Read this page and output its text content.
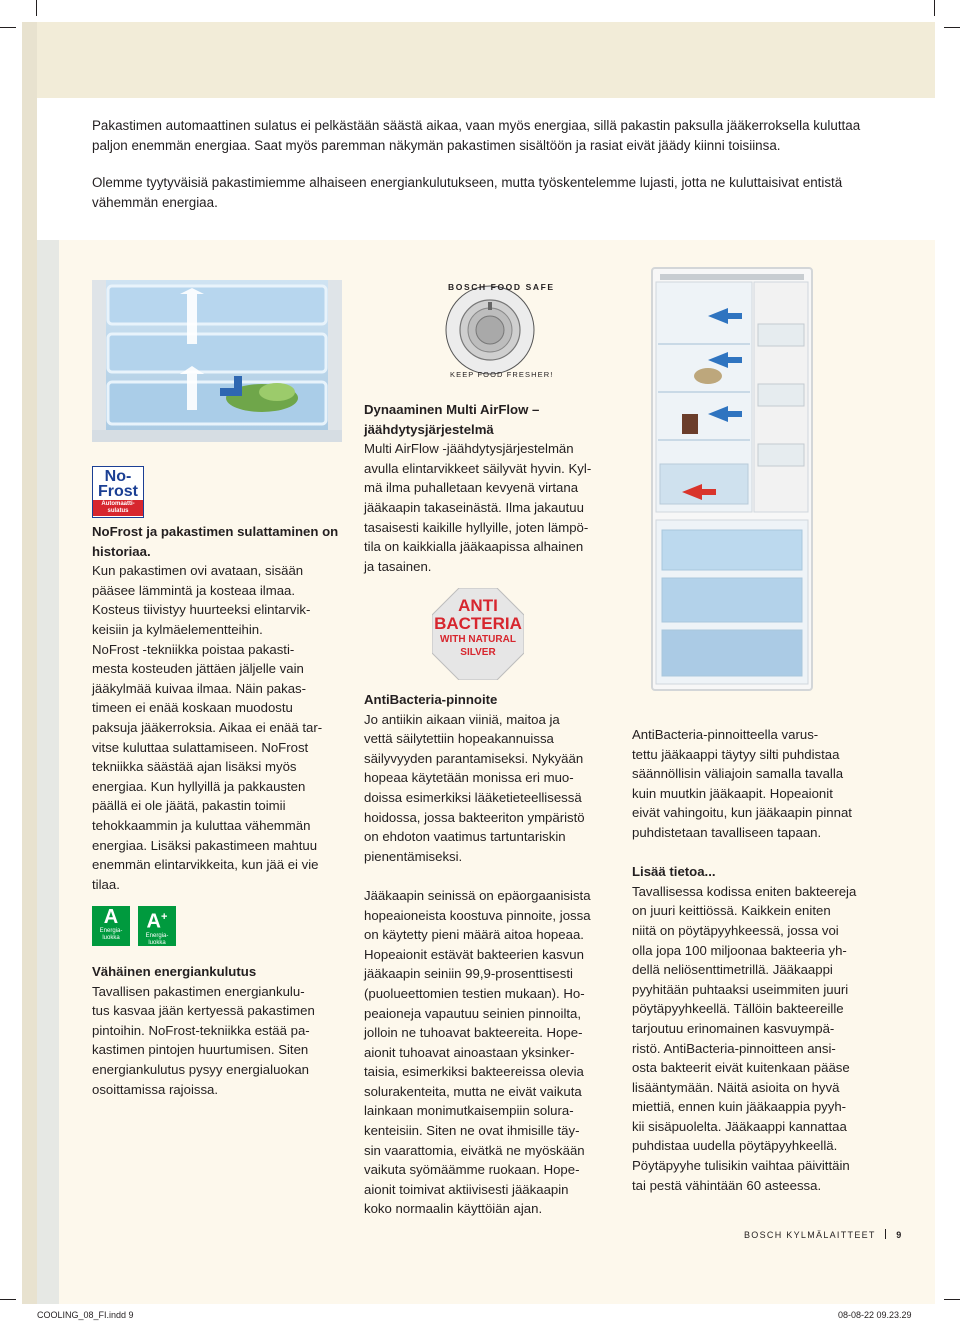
Pakastimen automaattinen sulatus ei pelkästään säästä aikaa, vaan myös energiaa, sillä pakastin paksulla jääkerroksella kuluttaa paljon enemmän energiaa. Saat myös paremman näkymän pakastimen sisältöön ja rasiat eivät jäädy kiinni toisiinsa.

Olemme tyytyväisiä pakastimiemme alhaiseen energiankulutukseen, mutta työskentelemme lujasti, jotta ne kuluttaisivat entistä vähemmän energiaa.

BOSCH FOOD SAFE
KEEP FOOD FRESHER!
No-
Frost
Automaatti-
sulatus
NoFrost ja pakastimen sulattaminen on historiaa.
Kun pakastimen ovi avataan, sisään
pääsee lämmintä ja kosteaa ilmaa.
Kosteus tiivistyy huurteeksi elintarvik-
keisiin ja kylmäelementteihin.
NoFrost -tekniikka poistaa pakasti-
mesta kosteuden jättäen jäljelle vain
jääkylmää kuivaa ilmaa. Näin pakas-
timeen ei enää koskaan muodostu
paksuja jääkerroksia. Aikaa ei enää tar-
vitse kuluttaa sulattamiseen. NoFrost
tekniikka säästää ajan lisäksi myös
energiaa. Kun hyllyillä ja pakkausten
päällä ei ole jäätä, pakastin toimii
tehokkaammin ja kuluttaa vähemmän
energiaa. Lisäksi pakastimeen mahtuu
enemmän elintarvikkeita, kun jää ei vie
tilaa.
A
Energia-
luokka
A+
Energia-
luokka
Vähäinen energiankulutus
Tavallisen pakastimen energiankulu-
tus kasvaa jään kertyessä pakastimen
pintoihin. NoFrost-tekniikka estää pa-
kastimen pintojen huurtumisen. Siten
energiankulutus pysyy energialuokan
osoittamissa rajoissa.
Dynaaminen Multi AirFlow –
jäähdytysjärjestelmä
Multi AirFlow -jäähdytysjärjestelmän
avulla elintarvikkeet säilyvät hyvin. Kyl-
mä ilma puhalletaan kevyenä virtana
jääkaapin takaseinästä. Ilma jakautuu
tasaisesti kaikille hyllyille, joten lämpö-
tila on kaikkialla jääkaapissa alhainen
ja tasainen.
ANTI
BACTERIA
WITH NATURAL
SILVER
AntiBacteria-pinnoite
Jo antiikin aikaan viiniä, maitoa ja
vettä säilytettiin hopeakannuissa
säilyvyyden parantamiseksi. Nykyään
hopeaa käytetään monissa eri muo-
doissa esimerkiksi lääketieteellisessä
hoidossa, jossa bakteeriton ympäristö
on ehdoton vaatimus tartuntariskin
pienentämiseksi.
Jääkaapin seinissä on epäorgaanisista
hopeaioneista koostuva pinnoite, jossa
on käytetty pieni määrä aitoa hopeaa.
Hopeaionit estävät bakteerien kasvun
jääkaapin seiniin 99,9-prosenttisesti
(puolueettomien testien mukaan). Ho-
peaioneja vapautuu seinien pinnoilta,
jolloin ne tuhoavat bakteereita. Hope-
aionit tuhoavat ainoastaan yksinker-
taisia, esimerkiksi bakteereissa olevia
solurakenteita, mutta ne eivät vaikuta
lainkaan monimutkaisempiin solura-
kenteisiin. Siten ne ovat ihmisille täy-
sin vaarattomia, eivätkä ne myöskään
vaikuta syömäämme ruokaan. Hope-
aionit toimivat aktiivisesti jääkaapin
koko normaalin käyttöiän ajan.
AntiBacteria-pinnoitteella varus-
tettu jääkaappi täytyy silti puhdistaa
säännöllisin väliajoin samalla tavalla
kuin muutkin jääkaapit. Hopeaionit
eivät vahingoitu, kun jääkaapin pinnat
puhdistetaan tavalliseen tapaan.
Lisää tietoa...
Tavallisessa kodissa eniten bakteereja
on juuri keittiössä. Kaikkein eniten
niitä on pöytäpyyhkeessä, jossa voi
olla jopa 100 miljoonaa bakteeria yh-
dellä neliösenttimetrillä. Jääkaappi
pyyhitään puhtaaksi useimmiten juuri
pöytäpyyhkeellä. Tällöin bakteereille
tarjoutuu erinomainen kasvuympä-
ristö. AntiBacteria-pinnoitteen ansi-
osta bakteerit eivät kuitenkaan pääse
lisääntymään. Näitä asioita on hyvä
miettiä, ennen kuin jääkaappia pyyh-
kii sisäpuolelta. Jääkaappi kannattaa
puhdistaa uudella pöytäpyyhkeellä.
Pöytäpyyhe tulisikin vaihtaa päivittäin
tai pestä vähintään 60 asteessa.
BOSCH KYLMÄLAITTEET 9
COOLING_08_FI.indd 9	08-08-22 09.23.29
